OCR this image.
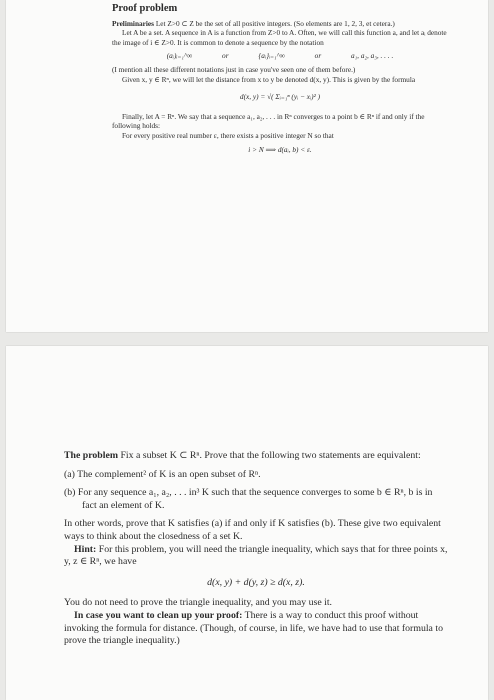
Proof problem

Preliminaries Let Z>0 ⊂ Z be the set of all positive integers. (So elements are 1, 2, 3, et cetera.)

Let A be a set. A sequence in A is a function from Z>0 to A. Often, we will call this function a, and let aᵢ denote the image of i ∈ Z>0. It is common to denote a sequence by the notation

(aᵢ)ᵢ₌₁^∞	or	{aᵢ}ᵢ₌₁^∞	or	a₁, a₂, a₃, . . . .

(I mention all these different notations just in case you've seen one of them before.)

Given x, y ∈ Rⁿ, we will let the distance from x to y be denoted d(x, y). This is given by the formula

d(x, y) = √( Σᵢ₌₁ⁿ (yᵢ − xᵢ)² )

Finally, let A = Rⁿ. We say that a sequence a₁, a₂, . . . in Rⁿ converges to a point b ∈ Rⁿ if and only if the following holds:

For every positive real number ε, there exists a positive integer N so that

i > N ⟹ d(aᵢ, b) < ε.

The problem Fix a subset K ⊂ Rⁿ. Prove that the following two statements are equivalent:

(a) The complement² of K is an open subset of Rⁿ.

(b) For any sequence a₁, a₂, . . . in³ K such that the sequence converges to some b ∈ Rⁿ, b is in fact an element of K.

In other words, prove that K satisfies (a) if and only if K satisfies (b). These give two equivalent ways to think about the closedness of a set K.

Hint: For this problem, you will need the triangle inequality, which says that for three points x, y, z ∈ Rⁿ, we have

d(x, y) + d(y, z) ≥ d(x, z).

You do not need to prove the triangle inequality, and you may use it.

In case you want to clean up your proof: There is a way to conduct this proof without invoking the formula for distance. (Though, of course, in life, we have had to use that formula to prove the triangle inequality.)
